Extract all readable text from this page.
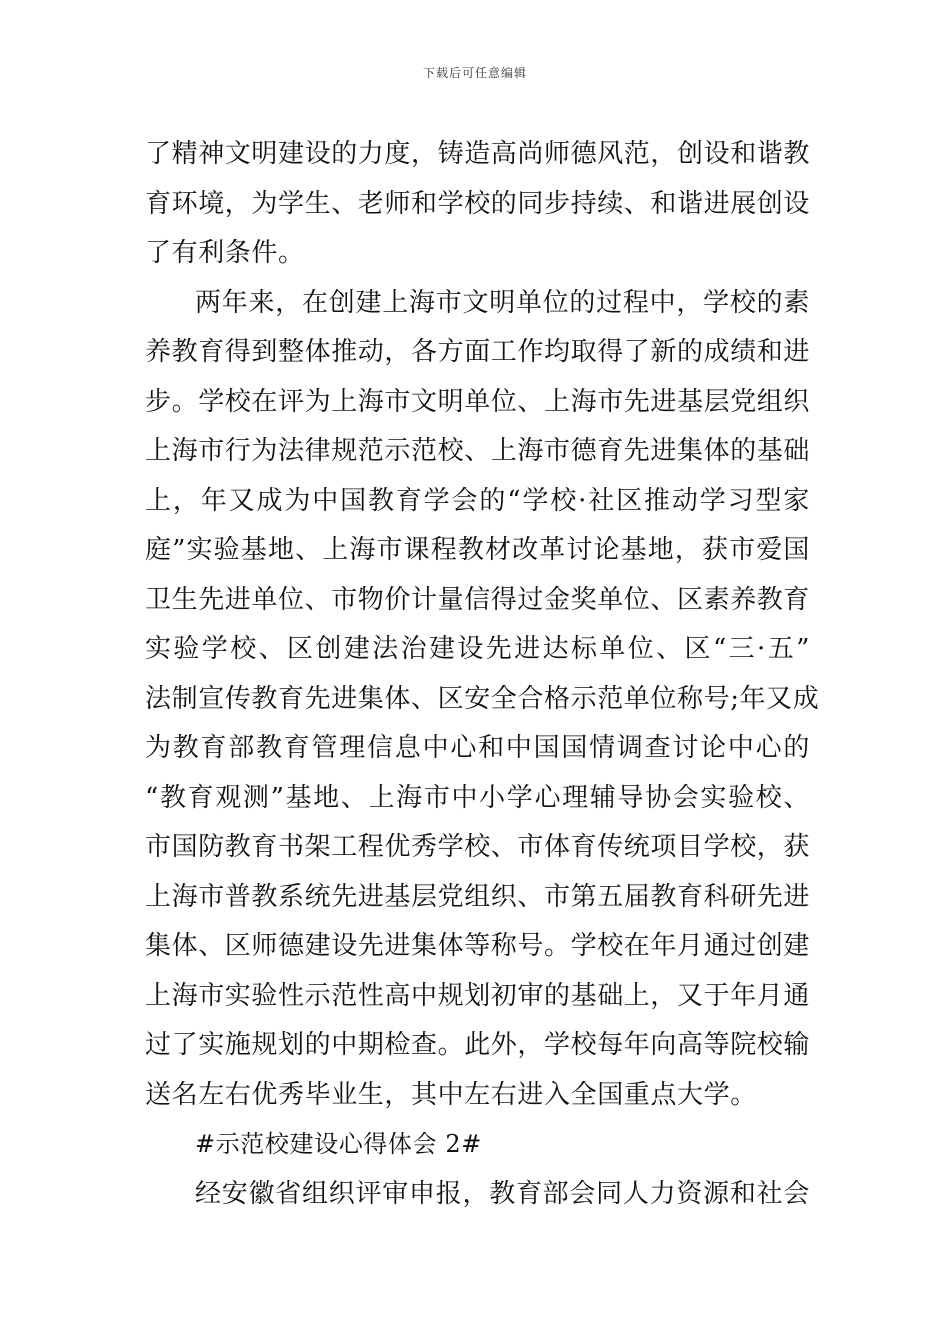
下载后可任意编辑
了精神文明建设的力度，铸造高尚师德风范，创设和谐教
育环境，为学生、老师和学校的同步持续、和谐进展创设
了有利条件。
两年来，在创建上海市文明单位的过程中，学校的素
养教育得到整体推动，各方面工作均取得了新的成绩和进
步。学校在评为上海市文明单位、上海市先进基层党组织
上海市行为法律规范示范校、上海市德育先进集体的基础
上，年又成为中国教育学会的“学校·社区推动学习型家
庭”实验基地、上海市课程教材改革讨论基地，获市爱国
卫生先进单位、市物价计量信得过金奖单位、区素养教育
实验学校、区创建法治建设先进达标单位、区“三·五”
法制宣传教育先进集体、区安全合格示范单位称号;年又成
为教育部教育管理信息中心和中国国情调查讨论中心的
“教育观测”基地、上海市中小学心理辅导协会实验校、
市国防教育书架工程优秀学校、市体育传统项目学校，获
上海市普教系统先进基层党组织、市第五届教育科研先进
集体、区师德建设先进集体等称号。学校在年月通过创建
上海市实验性示范性高中规划初审的基础上，又于年月通
过了实施规划的中期检查。此外，学校每年向高等院校输
送名左右优秀毕业生，其中左右进入全国重点大学。
#示范校建设心得体会 2#
经安徽省组织评审申报，教育部会同人力资源和社会
